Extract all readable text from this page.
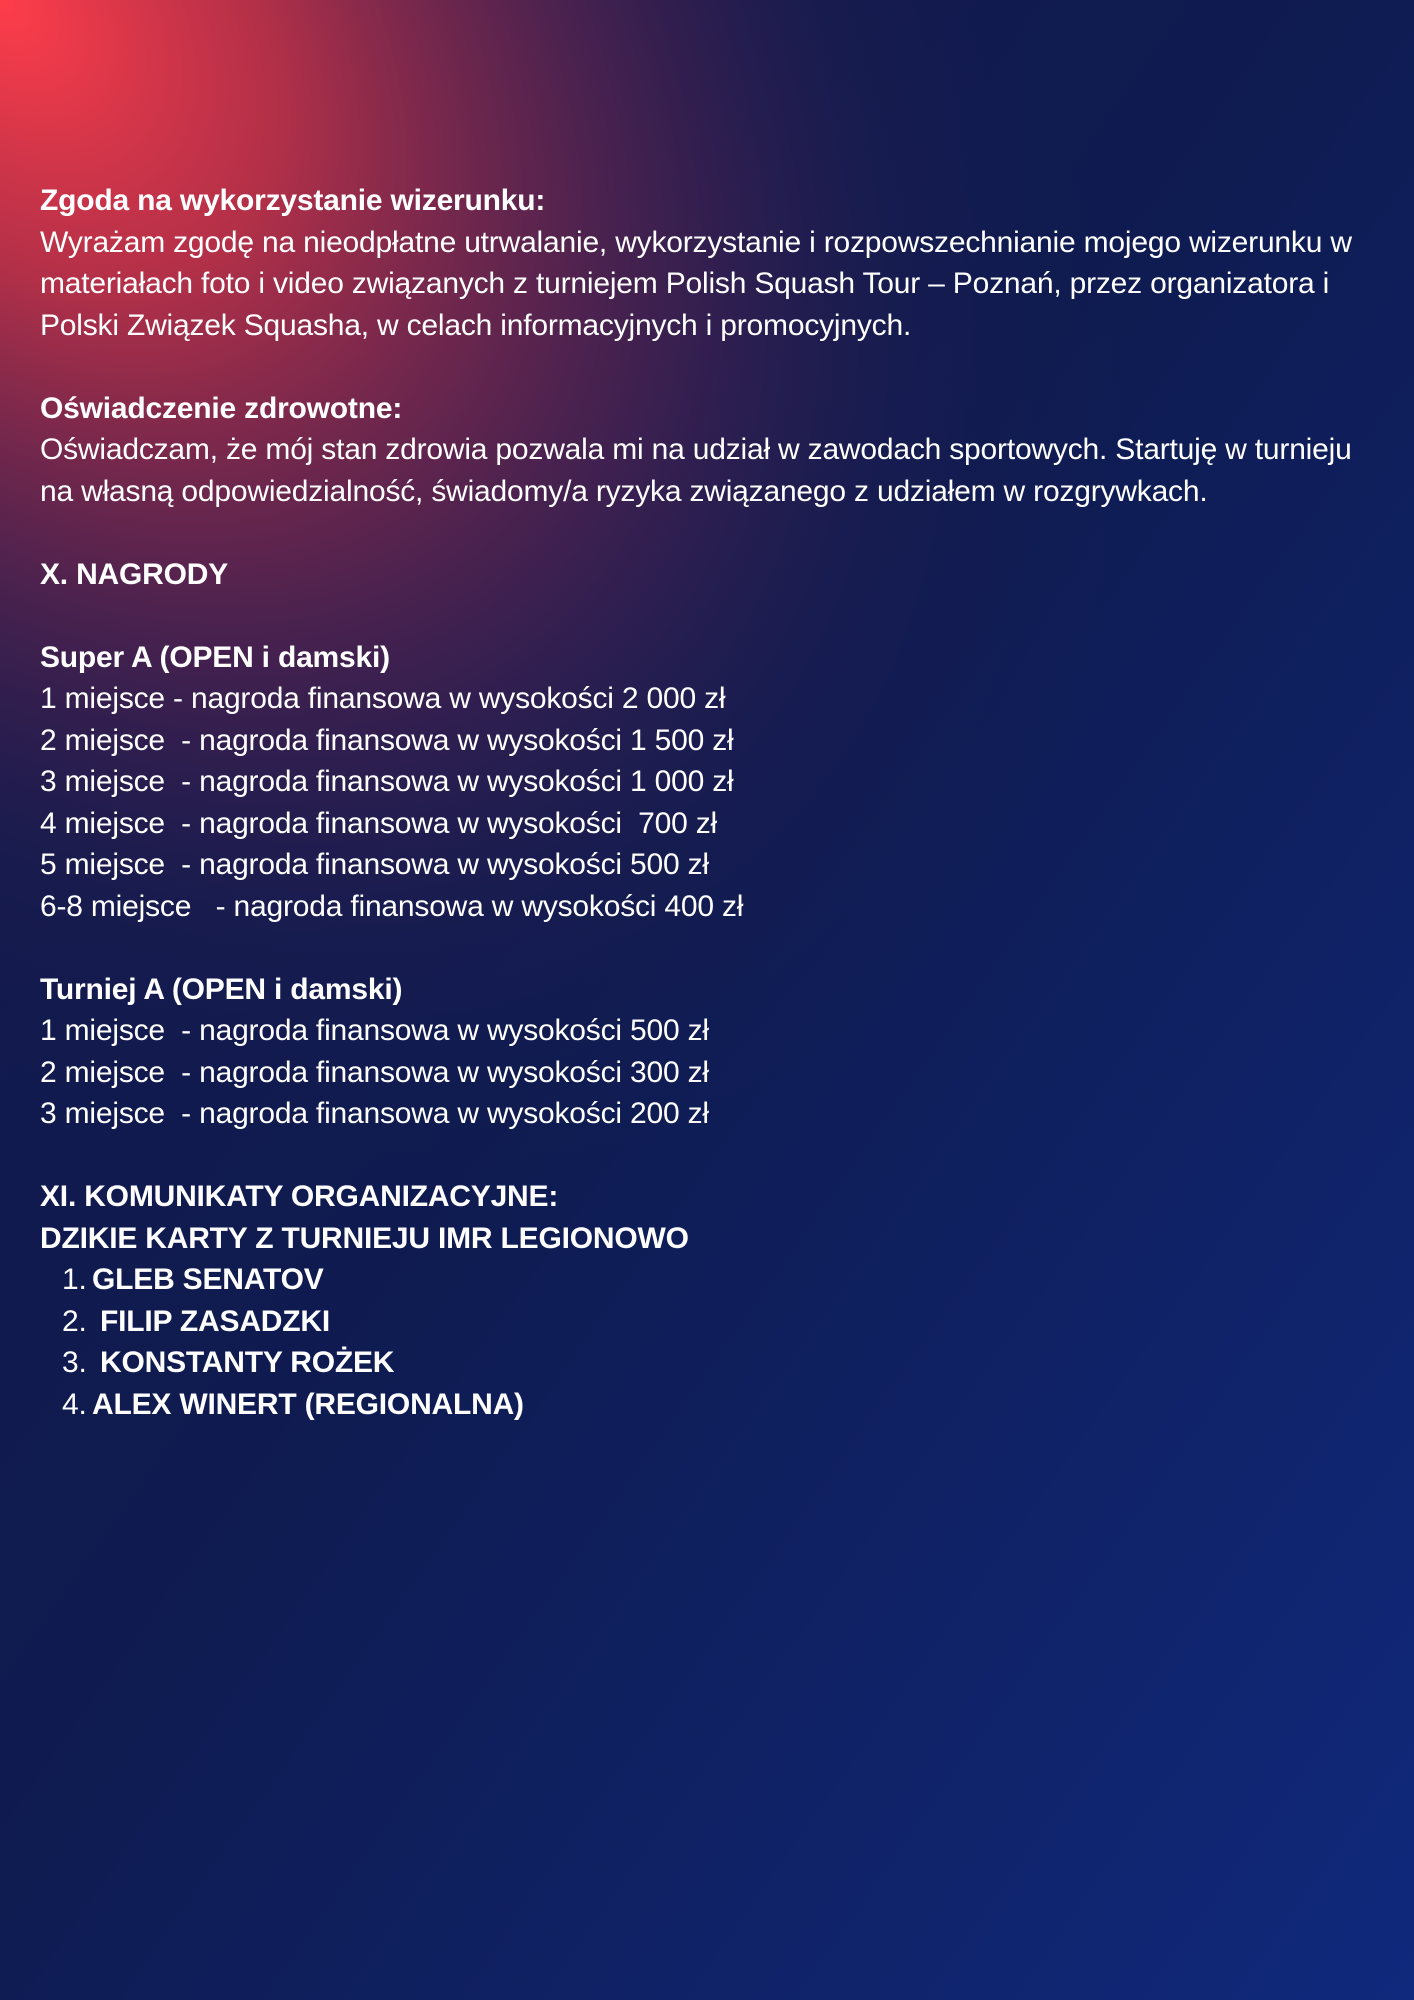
Zgoda na wykorzystanie wizerunku:
Wyrażam zgodę na nieodpłatne utrwalanie, wykorzystanie i rozpowszechnianie mojego wizerunku w materiałach foto i video związanych z turniejem Polish Squash Tour – Poznań, przez organizatora i Polski Związek Squasha, w celach informacyjnych i promocyjnych.
Oświadczenie zdrowotne:
Oświadczam, że mój stan zdrowia pozwala mi na udział w zawodach sportowych. Startuję w turnieju na własną odpowiedzialność, świadomy/a ryzyka związanego z udziałem w rozgrywkach.
X. NAGRODY
Super A (OPEN i damski)
1 miejsce - nagroda finansowa w wysokości 2 000 zł
2 miejsce  - nagroda finansowa w wysokości 1 500 zł
3 miejsce  - nagroda finansowa w wysokości 1 000 zł
4 miejsce  - nagroda finansowa w wysokości  700 zł
5 miejsce  - nagroda finansowa w wysokości 500 zł
6-8 miejsce   - nagroda finansowa w wysokości 400 zł
Turniej A (OPEN i damski)
1 miejsce  - nagroda finansowa w wysokości 500 zł
2 miejsce  - nagroda finansowa w wysokości 300 zł
3 miejsce  - nagroda finansowa w wysokości 200 zł
XI. KOMUNIKATY ORGANIZACYJNE:
DZIKIE KARTY Z TURNIEJU IMR LEGIONOWO
1. GLEB SENATOV
2. FILIP ZASADZKI
3. KONSTANTY ROŻEK
4. ALEX WINERT (REGIONALNA)
